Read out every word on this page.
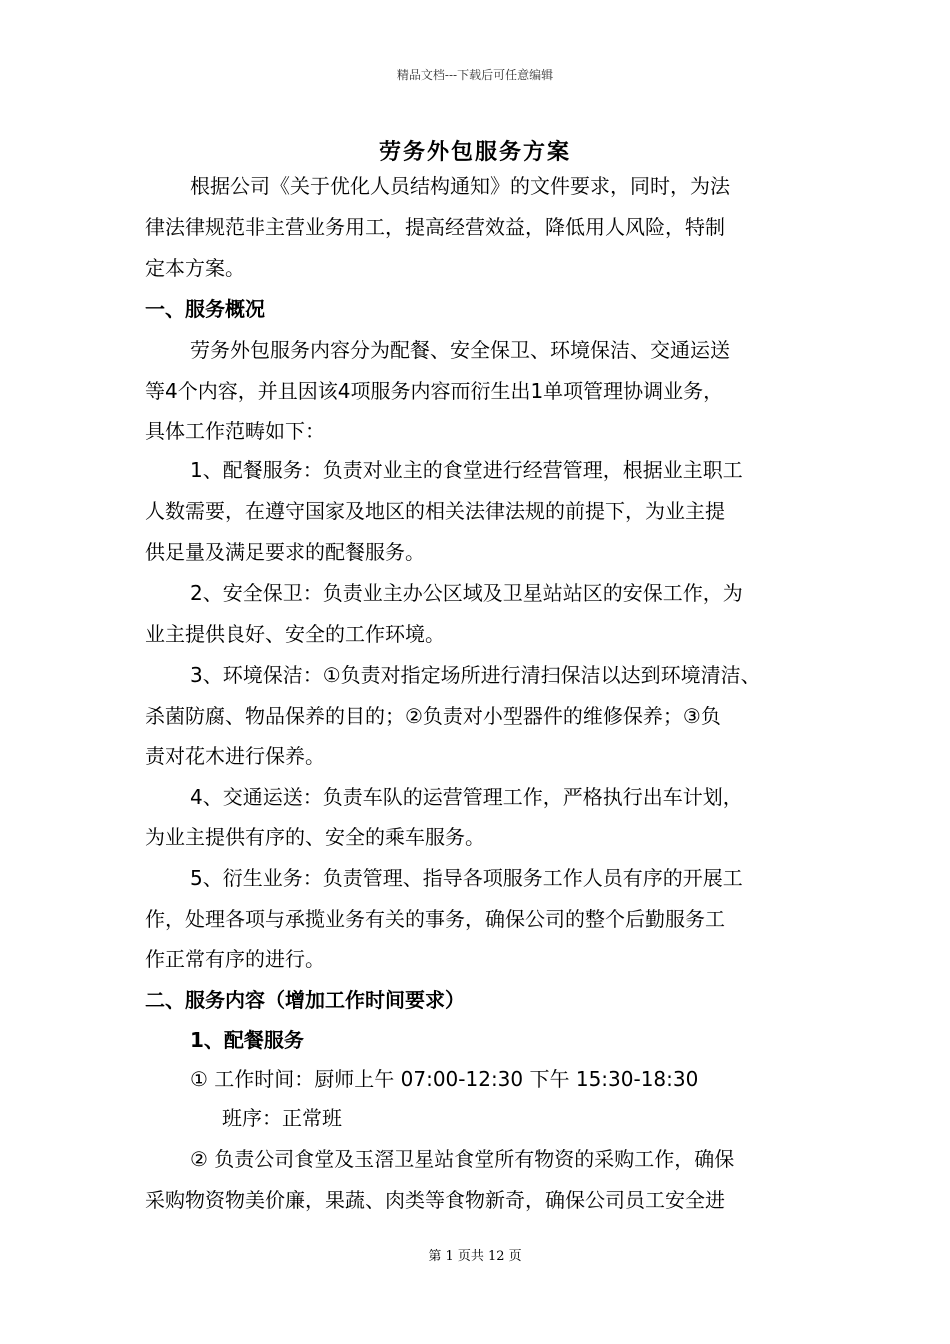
精品文档---下载后可任意编辑
劳务外包服务方案
根据公司《关于优化人员结构通知》的文件要求，同时，为法
律法律规范非主营业务用工，提高经营效益，降低用人风险，特制
定本方案。
一、服务概况
劳务外包服务内容分为配餐、安全保卫、环境保洁、交通运送
等4个内容，并且因该4项服务内容而衍生出1单项管理协调业务，
具体工作范畴如下：
1、配餐服务：负责对业主的食堂进行经营管理，根据业主职工
人数需要，在遵守国家及地区的相关法律法规的前提下，为业主提
供足量及满足要求的配餐服务。
2、安全保卫：负责业主办公区域及卫星站站区的安保工作，为
业主提供良好、安全的工作环境。
3、环境保洁：①负责对指定场所进行清扫保洁以达到环境清洁、
杀菌防腐、物品保养的目的；②负责对小型器件的维修保养；③负
责对花木进行保养。
4、交通运送：负责车队的运营管理工作，严格执行出车计划，
为业主提供有序的、安全的乘车服务。
5、衍生业务：负责管理、指导各项服务工作人员有序的开展工
作，处理各项与承揽业务有关的事务，确保公司的整个后勤服务工
作正常有序的进行。
二、服务内容（增加工作时间要求）
1、配餐服务
① 工作时间：厨师上午 07:00-12:30 下午 15:30-18:30
班序：正常班
② 负责公司食堂及玉滘卫星站食堂所有物资的采购工作，确保
采购物资物美价廉，果蔬、肉类等食物新奇，确保公司员工安全进
第 1 页共 12 页
